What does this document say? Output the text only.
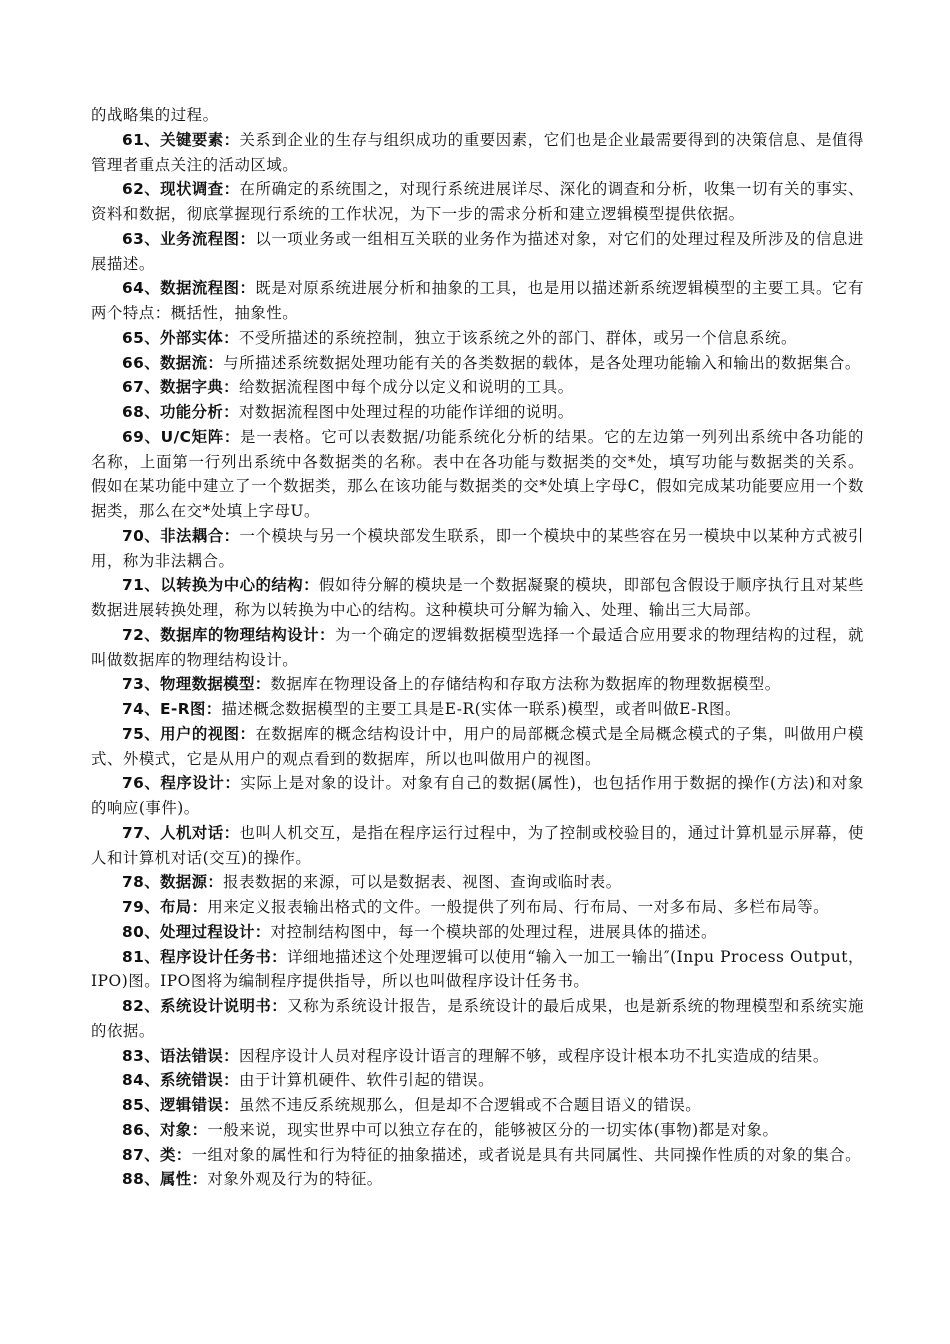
的战略集的过程。

61、关键要素：关系到企业的生存与组织成功的重要因素，它们也是企业最需要得到的决策信息、是值得管理者重点关注的活动区域。

62、现状调查：在所确定的系统围之，对现行系统进展详尽、深化的调查和分析，收集一切有关的事实、资料和数据，彻底掌握现行系统的工作状况，为下一步的需求分析和建立逻辑模型提供依据。

63、业务流程图：以一项业务或一组相互关联的业务作为描述对象，对它们的处理过程及所涉及的信息进展描述。

64、数据流程图：既是对原系统进展分析和抽象的工具，也是用以描述新系统逻辑模型的主要工具。它有两个特点：概括性，抽象性。

65、外部实体：不受所描述的系统控制，独立于该系统之外的部门、群体，或另一个信息系统。

66、数据流：与所描述系统数据处理功能有关的各类数据的载体，是各处理功能输入和输出的数据集合。

67、数据字典：给数据流程图中每个成分以定义和说明的工具。

68、功能分析：对数据流程图中处理过程的功能作详细的说明。

69、U/C矩阵：是一表格。它可以表数据/功能系统化分析的结果。它的左边第一列列出系统中各功能的名称，上面第一行列出系统中各数据类的名称。表中在各功能与数据类的交*处，填写功能与数据类的关系。假如在某功能中建立了一个数据类，那么在该功能与数据类的交*处填上字母C，假如完成某功能要应用一个数据类，那么在交*处填上字母U。

70、非法耦合：一个模块与另一个模块部发生联系，即一个模块中的某些容在另一模块中以某种方式被引用，称为非法耦合。

71、以转换为中心的结构：假如待分解的模块是一个数据凝聚的模块，即部包含假设于顺序执行且对某些数据进展转换处理，称为以转换为中心的结构。这种模块可分解为输入、处理、输出三大局部。

72、数据库的物理结构设计：为一个确定的逻辑数据模型选择一个最适合应用要求的物理结构的过程，就叫做数据库的物理结构设计。

73、物理数据模型：数据库在物理设备上的存储结构和存取方法称为数据库的物理数据模型。

74、E-R图：描述概念数据模型的主要工具是E-R(实体一联系)模型，或者叫做E-R图。

75、用户的视图：在数据库的概念结构设计中，用户的局部概念模式是全局概念模式的子集，叫做用户模式、外模式，它是从用户的观点看到的数据库，所以也叫做用户的视图。

76、程序设计：实际上是对象的设计。对象有自己的数据(属性)，也包括作用于数据的操作(方法)和对象的响应(事件)。

77、人机对话：也叫人机交互，是指在程序运行过程中，为了控制或校验目的，通过计算机显示屏幕，使人和计算机对话(交互)的操作。

78、数据源：报表数据的来源，可以是数据表、视图、查询或临时表。

79、布局：用来定义报表输出格式的文件。一般提供了列布局、行布局、一对多布局、多栏布局等。

80、处理过程设计：对控制结构图中，每一个模块部的处理过程，进展具体的描述。

81、程序设计任务书：详细地描述这个处理逻辑可以使用“输入一加工一输出″(Inpu Process Output，IPO)图。IPO图将为编制程序提供指导，所以也叫做程序设计任务书。

82、系统设计说明书：又称为系统设计报告，是系统设计的最后成果，也是新系统的物理模型和系统实施的依据。

83、语法错误：因程序设计人员对程序设计语言的理解不够，或程序设计根本功不扎实造成的结果。

84、系统错误：由于计算机硬件、软件引起的错误。

85、逻辑错误：虽然不违反系统规那么，但是却不合逻辑或不合题目语义的错误。

86、对象：一般来说，现实世界中可以独立存在的，能够被区分的一切实体(事物)都是对象。

87、类：一组对象的属性和行为特征的抽象描述，或者说是具有共同属性、共同操作性质的对象的集合。

88、属性：对象外观及行为的特征。
